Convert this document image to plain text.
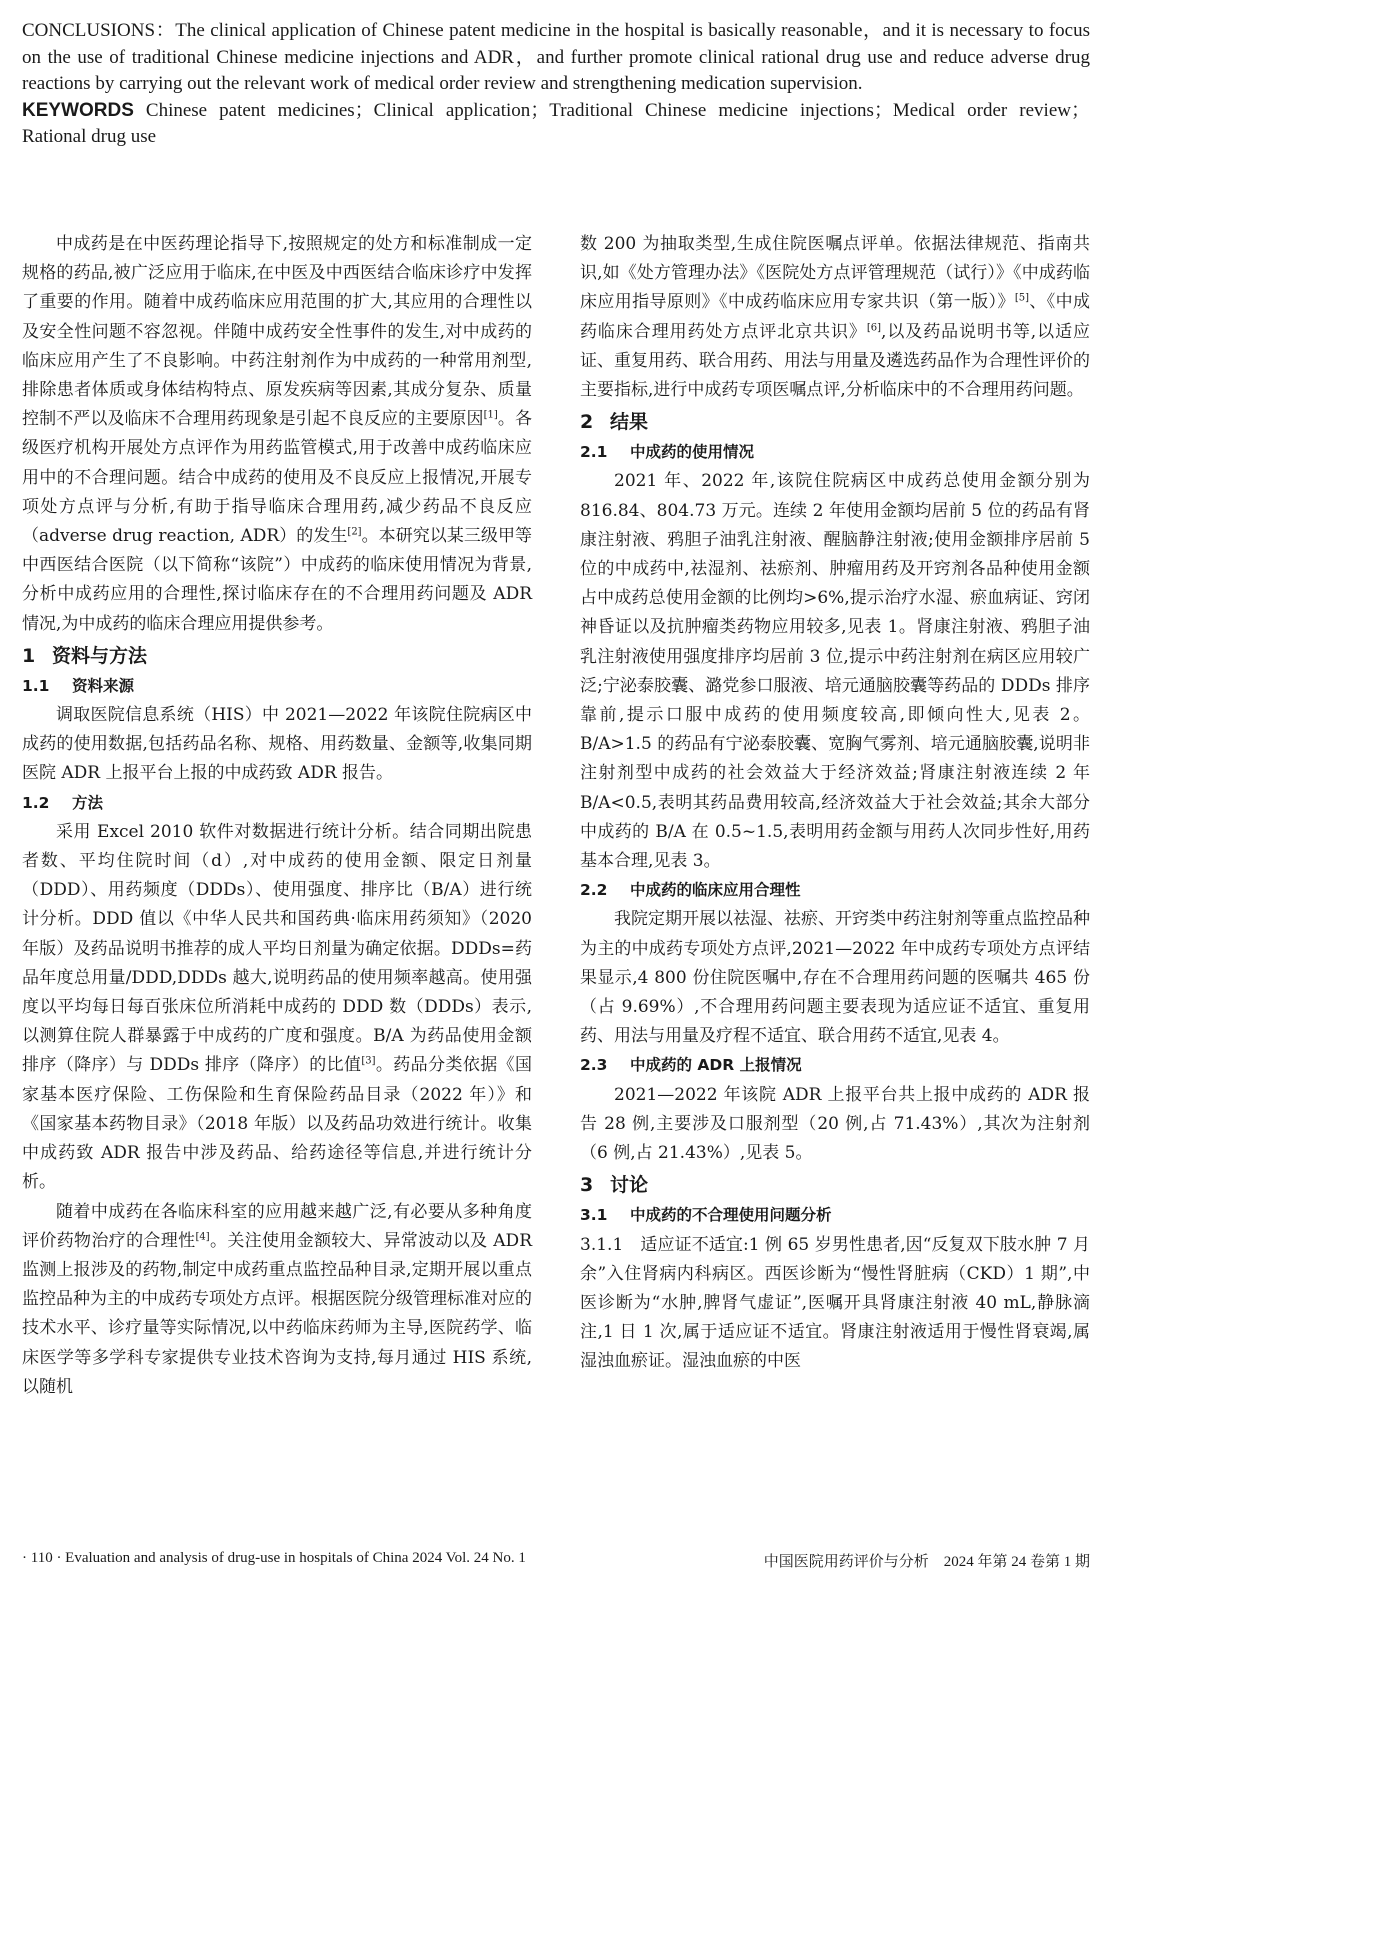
CONCLUSIONS：The clinical application of Chinese patent medicine in the hospital is basically reasonable，and it is necessary to focus on the use of traditional Chinese medicine injections and ADR，and further promote clinical rational drug use and reduce adverse drug reactions by carrying out the relevant work of medical order review and strengthening medication supervision.

KEYWORDS Chinese patent medicines；Clinical application；Traditional Chinese medicine injections；Medical order review；Rational drug use

中成药是在中医药理论指导下,按照规定的处方和标准制成一定规格的药品,被广泛应用于临床,在中医及中西医结合临床诊疗中发挥了重要的作用。随着中成药临床应用范围的扩大,其应用的合理性以及安全性问题不容忽视。伴随中成药安全性事件的发生,对中成药的临床应用产生了不良影响。中药注射剂作为中成药的一种常用剂型,排除患者体质或身体结构特点、原发疾病等因素,其成分复杂、质量控制不严以及临床不合理用药现象是引起不良反应的主要原因[1]。各级医疗机构开展处方点评作为用药监管模式,用于改善中成药临床应用中的不合理问题。结合中成药的使用及不良反应上报情况,开展专项处方点评与分析,有助于指导临床合理用药,减少药品不良反应（adverse drug reaction, ADR）的发生[2]。本研究以某三级甲等中西医结合医院（以下简称“该院”）中成药的临床使用情况为背景,分析中成药应用的合理性,探讨临床存在的不合理用药问题及 ADR 情况,为中成药的临床合理应用提供参考。

1 资料与方法
1.1 资料来源

调取医院信息系统（HIS）中 2021—2022 年该院住院病区中成药的使用数据,包括药品名称、规格、用药数量、金额等,收集同期医院 ADR 上报平台上报的中成药致 ADR 报告。

1.2 方法

采用 Excel 2010 软件对数据进行统计分析。结合同期出院患者数、平均住院时间（d）,对中成药的使用金额、限定日剂量（DDD）、用药频度（DDDs）、使用强度、排序比（B/A）进行统计分析。DDD 值以《中华人民共和国药典·临床用药须知》（2020 年版）及药品说明书推荐的成人平均日剂量为确定依据。DDDs=药品年度总用量/DDD,DDDs 越大,说明药品的使用频率越高。使用强度以平均每日每百张床位所消耗中成药的 DDD 数（DDDs）表示,以测算住院人群暴露于中成药的广度和强度。B/A 为药品使用金额排序（降序）与 DDDs 排序（降序）的比值[3]。药品分类依据《国家基本医疗保险、工伤保险和生育保险药品目录（2022 年）》和《国家基本药物目录》（2018 年版）以及药品功效进行统计。收集中成药致 ADR 报告中涉及药品、给药途径等信息,并进行统计分析。

随着中成药在各临床科室的应用越来越广泛,有必要从多种角度评价药物治疗的合理性[4]。关注使用金额较大、异常波动以及 ADR 监测上报涉及的药物,制定中成药重点监控品种目录,定期开展以重点监控品种为主的中成药专项处方点评。根据医院分级管理标准对应的技术水平、诊疗量等实际情况,以中药临床药师为主导,医院药学、临床医学等多学科专家提供专业技术咨询为支持,每月通过 HIS 系统,以随机

数 200 为抽取类型,生成住院医嘱点评单。依据法律规范、指南共识,如《处方管理办法》《医院处方点评管理规范（试行）》《中成药临床应用指导原则》《中成药临床应用专家共识（第一版）》[5]、《中成药临床合理用药处方点评北京共识》[6],以及药品说明书等,以适应证、重复用药、联合用药、用法与用量及遴选药品作为合理性评价的主要指标,进行中成药专项医嘱点评,分析临床中的不合理用药问题。

2 结果
2.1 中成药的使用情况

2021 年、2022 年,该院住院病区中成药总使用金额分别为 816.84、804.73 万元。连续 2 年使用金额均居前 5 位的药品有肾康注射液、鸦胆子油乳注射液、醒脑静注射液;使用金额排序居前 5 位的中成药中,祛湿剂、祛瘀剂、肿瘤用药及开窍剂各品种使用金额占中成药总使用金额的比例均>6%,提示治疗水湿、瘀血病证、窍闭神昏证以及抗肿瘤类药物应用较多,见表 1。肾康注射液、鸦胆子油乳注射液使用强度排序均居前 3 位,提示中药注射剂在病区应用较广泛;宁泌泰胶囊、潞党参口服液、培元通脑胶囊等药品的 DDDs 排序靠前,提示口服中成药的使用频度较高,即倾向性大,见表 2。B/A>1.5 的药品有宁泌泰胶囊、宽胸气雾剂、培元通脑胶囊,说明非注射剂型中成药的社会效益大于经济效益;肾康注射液连续 2 年 B/A<0.5,表明其药品费用较高,经济效益大于社会效益;其余大部分中成药的 B/A 在 0.5~1.5,表明用药金额与用药人次同步性好,用药基本合理,见表 3。

2.2 中成药的临床应用合理性

我院定期开展以祛湿、祛瘀、开窍类中药注射剂等重点监控品种为主的中成药专项处方点评,2021—2022 年中成药专项处方点评结果显示,4 800 份住院医嘱中,存在不合理用药问题的医嘱共 465 份（占 9.69%）,不合理用药问题主要表现为适应证不适宜、重复用药、用法与用量及疗程不适宜、联合用药不适宜,见表 4。

2.3 中成药的 ADR 上报情况

2021—2022 年该院 ADR 上报平台共上报中成药的 ADR 报告 28 例,主要涉及口服剂型（20 例,占 71.43%）,其次为注射剂（6 例,占 21.43%）,见表 5。

3 讨论
3.1 中成药的不合理使用问题分析

3.1.1　适应证不适宜:1 例 65 岁男性患者,因“反复双下肢水肿 7 月余”入住肾病内科病区。西医诊断为“慢性肾脏病（CKD）1 期”,中医诊断为“水肿,脾肾气虚证”,医嘱开具肾康注射液 40 mL,静脉滴注,1 日 1 次,属于适应证不适宜。肾康注射液适用于慢性肾衰竭,属湿浊血瘀证。湿浊血瘀的中医

· 110 · Evaluation and analysis of drug-use in hospitals of China 2024 Vol. 24 No. 1	中国医院用药评价与分析　2024 年第 24 卷第 1 期
